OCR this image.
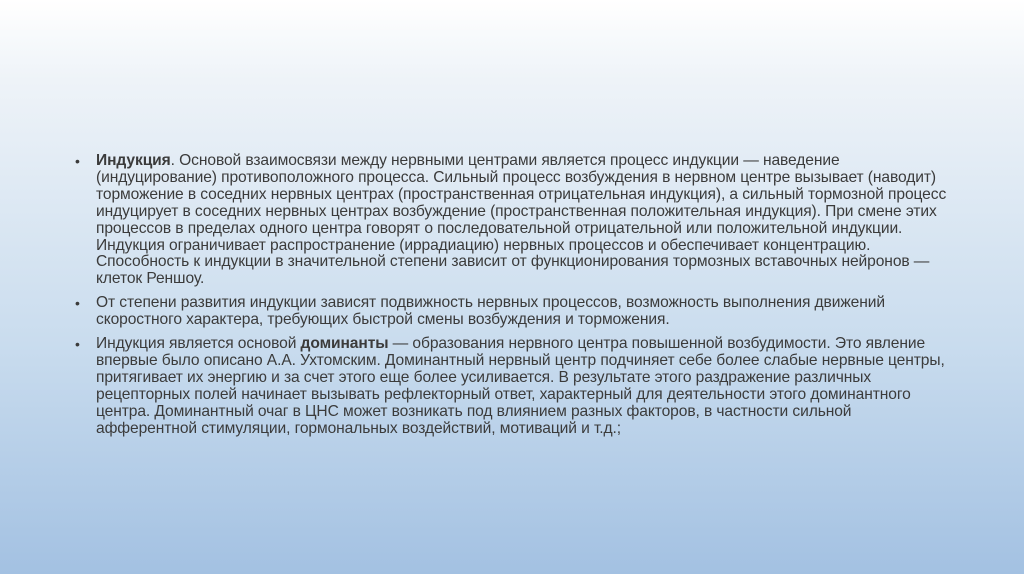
• Индукция. Основой взаимосвязи между нервными центрами является процесс индукции — наведение (индуцирование) противоположного процесса. Сильный процесс возбуждения в нервном центре вызывает (наводит) торможение в соседних нервных центрах (пространственная отрицательная индукция), а сильный тормозной процесс индуцирует в соседних нервных центрах возбуждение (пространственная положительная индукция). При смене этих процессов в пределах одного центра говорят о последовательной отрицательной или положительной индукции. Индукция ограничивает распространение (иррадиацию) нервных процессов и обеспечивает концентрацию. Способность к индукции в значительной степени зависит от функционирования тормозных вставочных нейронов — клеток Реншоу.
• От степени развития индукции зависят подвижность нервных процессов, возможность выполнения движений скоростного характера, требующих быстрой смены возбуждения и торможения.
• Индукция является основой доминанты — образования нервного центра повышенной возбудимости. Это явление впервые было описано А.А. Ухтомским. Доминантный нервный центр подчиняет себе более слабые нервные центры, притягивает их энергию и за счет этого еще более усиливается. В результате этого раздражение различных рецепторных полей начинает вызывать рефлекторный ответ, характерный для деятельности этого доминантного центра. Доминантный очаг в ЦНС может возникать под влиянием разных факторов, в частности сильной афферентной стимуляции, гормональных воздействий, мотиваций и т.д.;
